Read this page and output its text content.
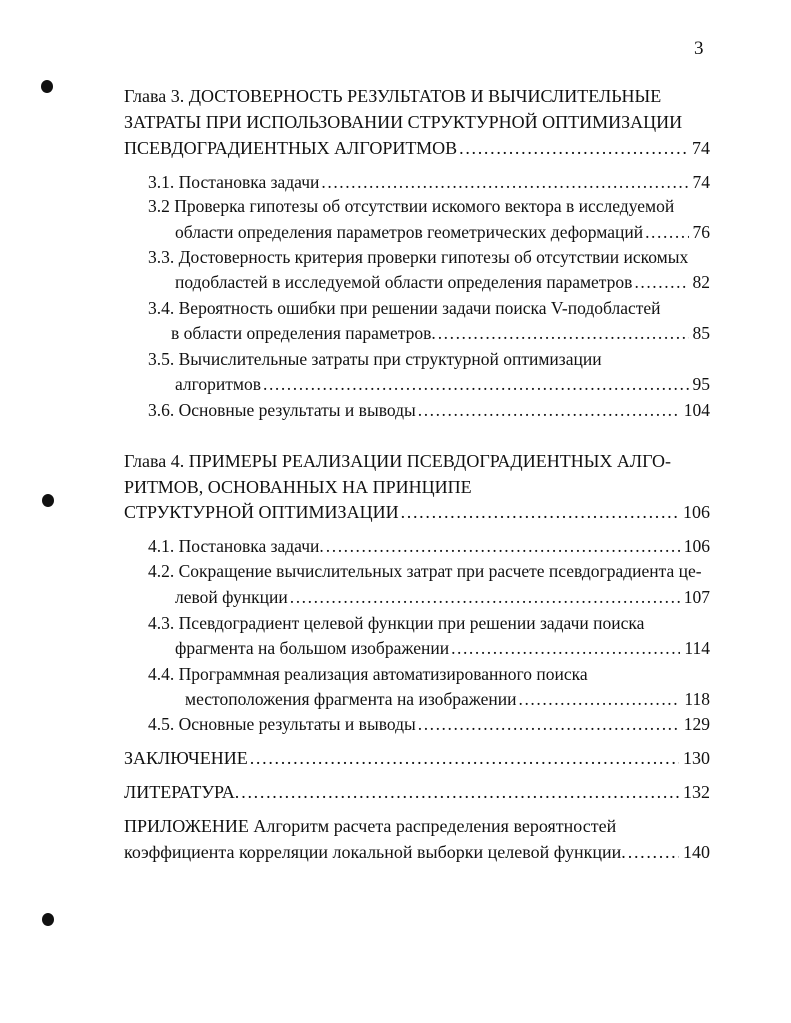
3
Глава 3. ДОСТОВЕРНОСТЬ РЕЗУЛЬТАТОВ И ВЫЧИСЛИТЕЛЬНЫЕ
ЗАТРАТЫ ПРИ ИСПОЛЬЗОВАНИИ СТРУКТУРНОЙ ОПТИМИЗАЦИИ
ПСЕВДОГРАДИЕНТНЫХ АЛГОРИТМОВ . . .	74
3.1. Постановка задачи . . .	74
3.2 Проверка гипотезы об отсутствии искомого вектора в исследуемой
области определения параметров геометрических деформаций . . .	76
3.3. Достоверность критерия проверки гипотезы об отсутствии искомых
подобластей в исследуемой области определения параметров . . .	82
3.4. Вероятность ошибки при решении задачи поиска V-подобластей
в области определения параметров. . . .	85
3.5. Вычислительные затраты при структурной оптимизации
алгоритмов . . .	95
3.6. Основные результаты и выводы . . .	104
Глава 4. ПРИМЕРЫ РЕАЛИЗАЦИИ ПСЕВДОГРАДИЕНТНЫХ АЛГО-
РИТМОВ, ОСНОВАННЫХ НА ПРИНЦИПЕ
СТРУКТУРНОЙ ОПТИМИЗАЦИИ . . .	106
4.1. Постановка задачи. . . .	106
4.2. Сокращение вычислительных затрат при расчете псевдоградиента це-
левой функции . . .	107
4.3. Псевдоградиент целевой функции при решении задачи поиска
фрагмента на большом изображении . . .	114
4.4. Программная реализация автоматизированного поиска
местоположения фрагмента на изображении . . .	118
4.5. Основные результаты и выводы . . .	129
ЗАКЛЮЧЕНИЕ . . .	130
ЛИТЕРАТУРА. . . .	132
ПРИЛОЖЕНИЕ Алгоритм расчета распределения вероятностей
коэффициента корреляции локальной выборки целевой функции. . . .	140
